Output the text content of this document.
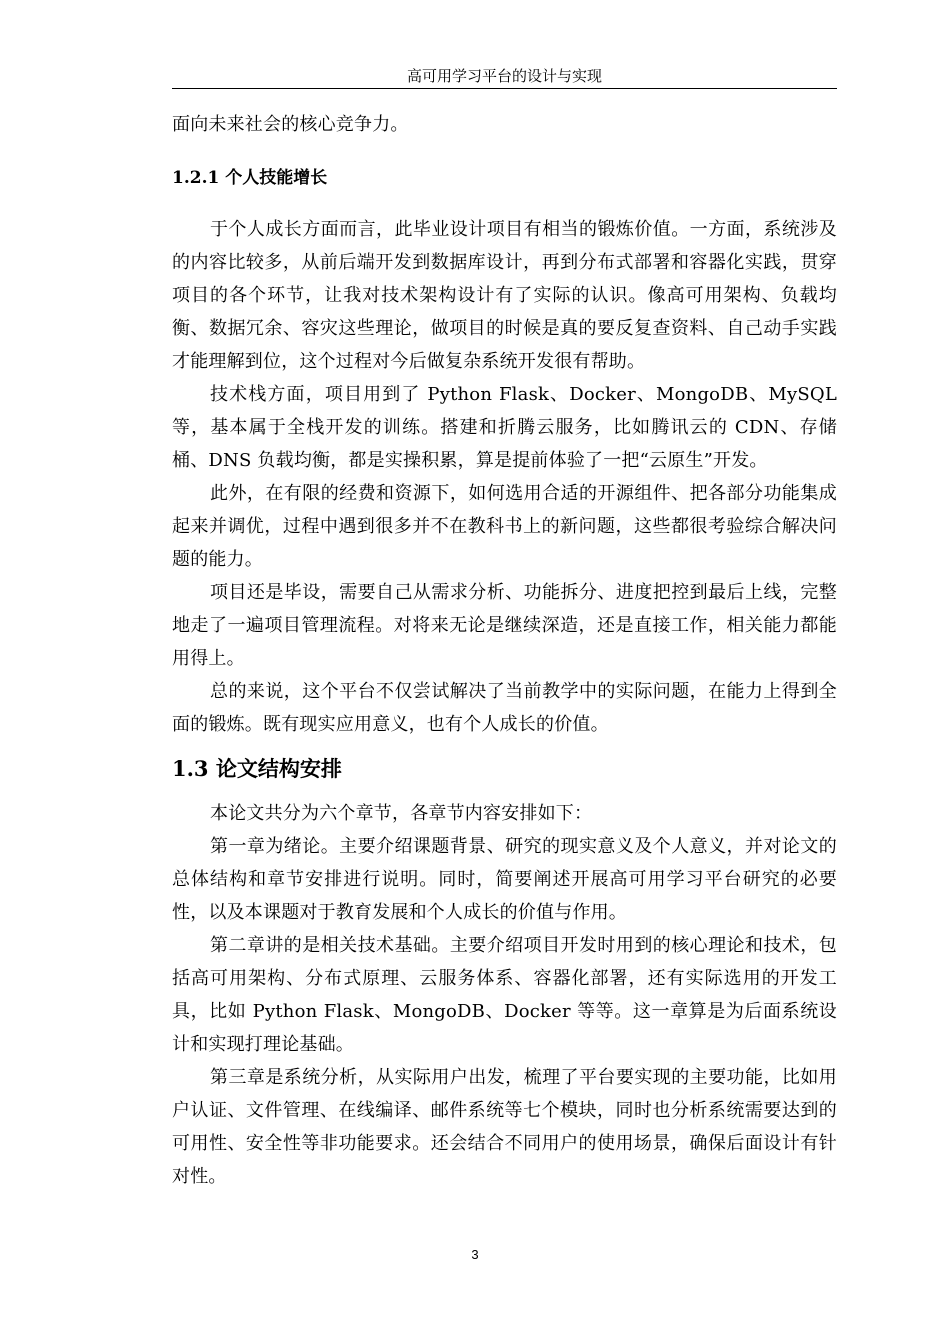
高可用学习平台的设计与实现

面向未来社会的核心竞争力。

1.2.1 个人技能增长

于个人成长方面而言，此毕业设计项目有相当的锻炼价值。一方面，系统涉及的内容比较多，从前后端开发到数据库设计，再到分布式部署和容器化实践，贯穿项目的各个环节，让我对技术架构设计有了实际的认识。像高可用架构、负载均衡、数据冗余、容灾这些理论，做项目的时候是真的要反复查资料、自己动手实践才能理解到位，这个过程对今后做复杂系统开发很有帮助。

技术栈方面，项目用到了 Python Flask、Docker、MongoDB、MySQL 等，基本属于全栈开发的训练。搭建和折腾云服务，比如腾讯云的 CDN、存储桶、DNS 负载均衡，都是实操积累，算是提前体验了一把“云原生”开发。

此外，在有限的经费和资源下，如何选用合适的开源组件、把各部分功能集成起来并调优，过程中遇到很多并不在教科书上的新问题，这些都很考验综合解决问题的能力。

项目还是毕设，需要自己从需求分析、功能拆分、进度把控到最后上线，完整地走了一遍项目管理流程。对将来无论是继续深造，还是直接工作，相关能力都能用得上。

总的来说，这个平台不仅尝试解决了当前教学中的实际问题，在能力上得到全面的锻炼。既有现实应用意义，也有个人成长的价值。

1.3 论文结构安排

本论文共分为六个章节，各章节内容安排如下：

第一章为绪论。主要介绍课题背景、研究的现实意义及个人意义，并对论文的总体结构和章节安排进行说明。同时，简要阐述开展高可用学习平台研究的必要性，以及本课题对于教育发展和个人成长的价值与作用。

第二章讲的是相关技术基础。主要介绍项目开发时用到的核心理论和技术，包括高可用架构、分布式原理、云服务体系、容器化部署，还有实际选用的开发工具，比如 Python Flask、MongoDB、Docker 等等。这一章算是为后面系统设计和实现打理论基础。

第三章是系统分析，从实际用户出发，梳理了平台要实现的主要功能，比如用户认证、文件管理、在线编译、邮件系统等七个模块，同时也分析系统需要达到的可用性、安全性等非功能要求。还会结合不同用户的使用场景，确保后面设计有针对性。

3
